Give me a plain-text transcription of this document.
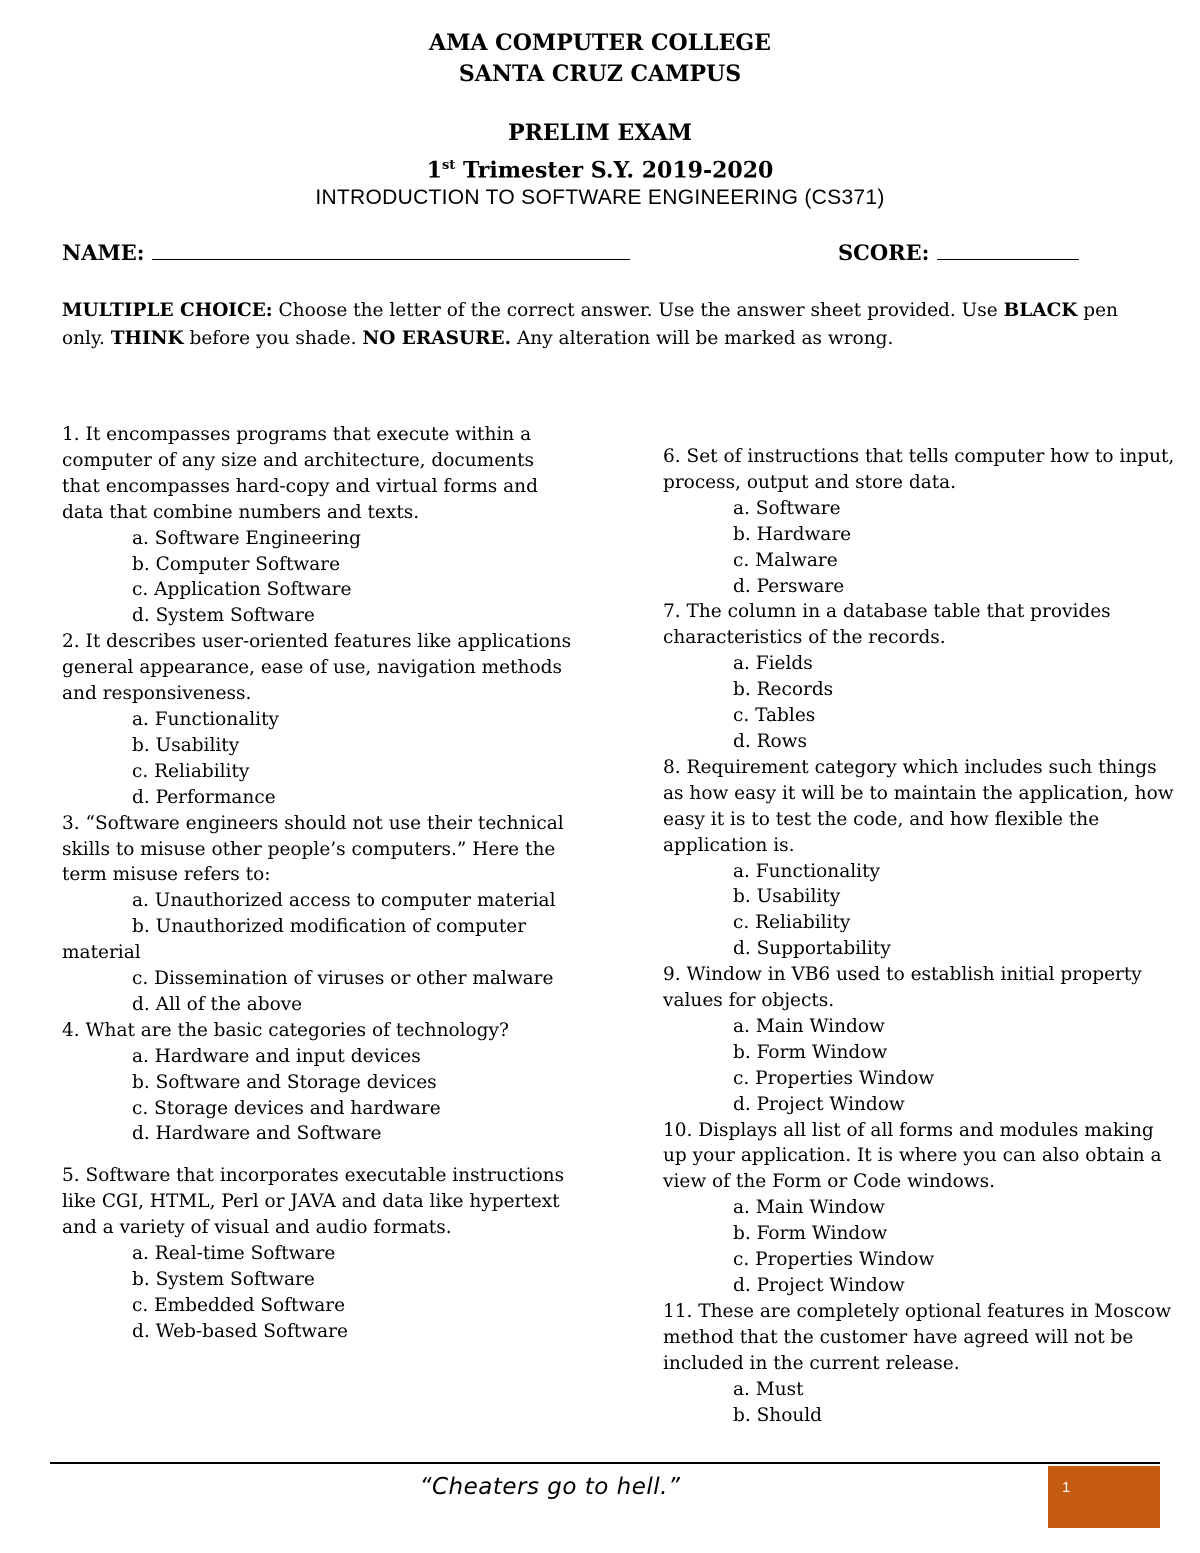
AMA COMPUTER COLLEGE
SANTA CRUZ CAMPUS
PRELIM EXAM
1st Trimester S.Y. 2019-2020
INTRODUCTION TO SOFTWARE ENGINEERING (CS371)
NAME:	SCORE:
MULTIPLE CHOICE: Choose the letter of the correct answer. Use the answer sheet provided. Use BLACK pen only. THINK before you shade. NO ERASURE. Any alteration will be marked as wrong.
1. It encompasses programs that execute within a computer of any size and architecture, documents that encompasses hard-copy and virtual forms and data that combine numbers and texts.
a. Software Engineering
b. Computer Software
c. Application Software
d. System Software
2. It describes user-oriented features like applications general appearance, ease of use, navigation methods and responsiveness.
a. Functionality
b. Usability
c. Reliability
d. Performance
3. “Software engineers should not use their technical skills to misuse other people’s computers.” Here the term misuse refers to:
a. Unauthorized access to computer material
b. Unauthorized modification of computer material
c. Dissemination of viruses or other malware
d. All of the above
4. What are the basic categories of technology?
a. Hardware and input devices
b. Software and Storage devices
c. Storage devices and hardware
d. Hardware and Software
5. Software that incorporates executable instructions like CGI, HTML, Perl or JAVA and data like hypertext and a variety of visual and audio formats.
a. Real-time Software
b. System Software
c. Embedded Software
d. Web-based Software
6. Set of instructions that tells computer how to input, process, output and store data.
a. Software
b. Hardware
c. Malware
d. Persware
7. The column in a database table that provides characteristics of the records.
a. Fields
b. Records
c. Tables
d. Rows
8. Requirement category which includes such things as how easy it will be to maintain the application, how easy it is to test the code, and how flexible the application is.
a. Functionality
b. Usability
c. Reliability
d. Supportability
9. Window in VB6 used to establish initial property values for objects.
a. Main Window
b. Form Window
c. Properties Window
d. Project Window
10. Displays all list of all forms and modules making up your application. It is where you can also obtain a view of the Form or Code windows.
a. Main Window
b. Form Window
c. Properties Window
d. Project Window
11. These are completely optional features in Moscow method that the customer have agreed will not be included in the current release.
a. Must
b. Should
“Cheaters go to hell.”	1
